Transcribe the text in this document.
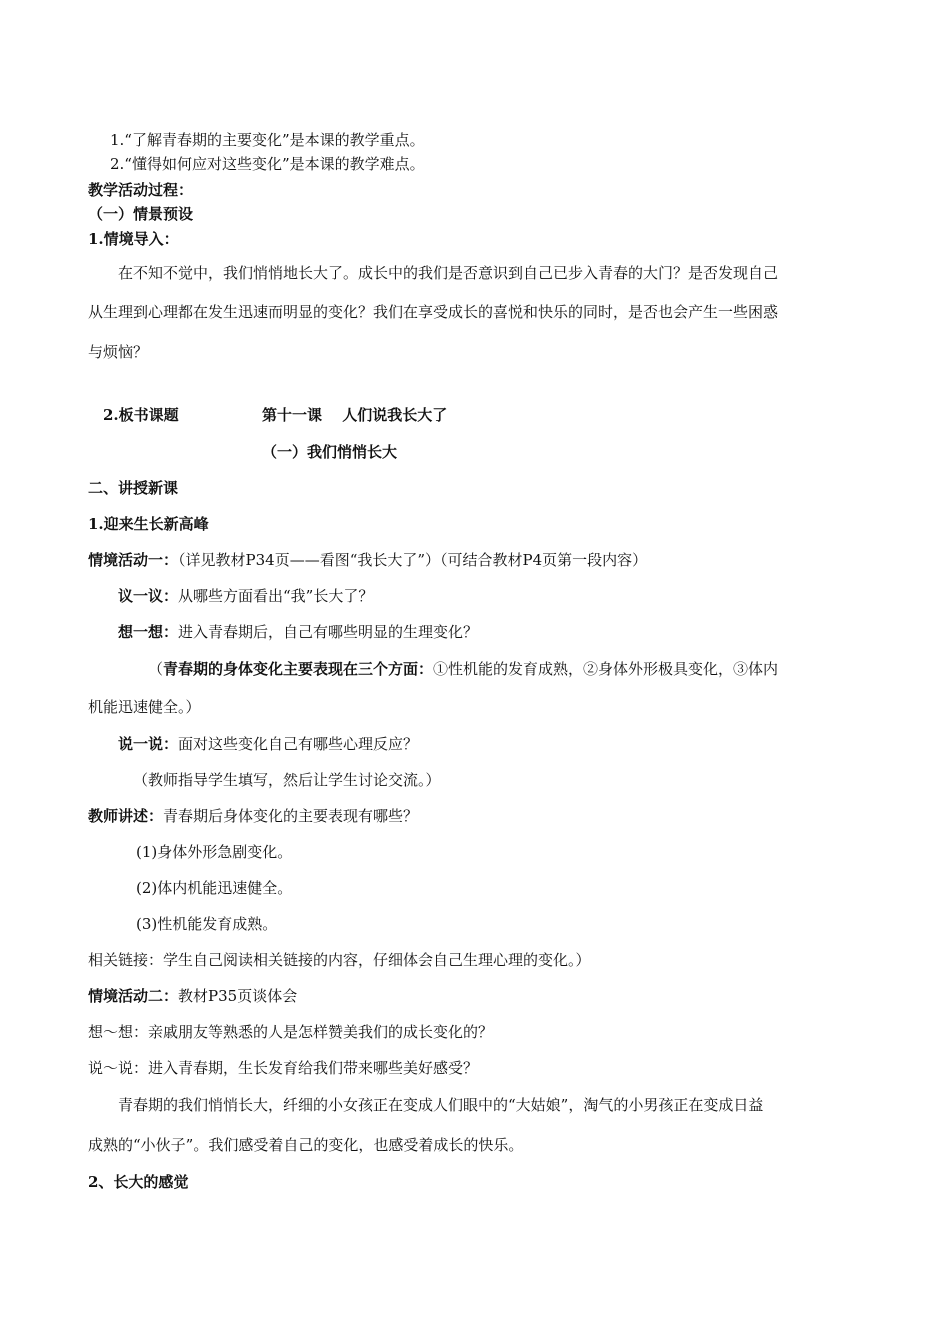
1.“了解青春期的主要变化”是本课的教学重点。
2.“懂得如何应对这些变化”是本课的教学难点。
教学活动过程：
（一）情景预设
1.情境导入：
在不知不觉中，我们悄悄地长大了。成长中的我们是否意识到自己已步入青春的大门？是否发现自己
从生理到心理都在发生迅速而明显的变化？我们在享受成长的喜悦和快乐的同时，是否也会产生一些困惑
与烦恼？
2.板书课题	第十一课　 人们说我长大了
（一）我们悄悄长大
二、讲授新课
1.迎来生长新高峰
情境活动一：（详见教材P34页——看图“我长大了”）（可结合教材P4页第一段内容）
议一议：从哪些方面看出“我”长大了？
想一想：进入青春期后，自己有哪些明显的生理变化？
（青春期的身体变化主要表现在三个方面：①性机能的发育成熟，②身体外形极具变化，③体内
机能迅速健全。）
说一说：面对这些变化自己有哪些心理反应？
（教师指导学生填写，然后让学生讨论交流。）
教师讲述：青春期后身体变化的主要表现有哪些？
(1)身体外形急剧变化。
(2)体内机能迅速健全。
(3)性机能发育成熟。
相关链接：学生自己阅读相关链接的内容，仔细体会自己生理心理的变化。）
情境活动二：教材P35页谈体会
想～想：亲戚朋友等熟悉的人是怎样赞美我们的成长变化的？
说～说：进入青春期，生长发育给我们带来哪些美好感受？
青春期的我们悄悄长大，纤细的小女孩正在变成人们眼中的“大姑娘”，淘气的小男孩正在变成日益
成熟的“小伙子”。我们感受着自己的变化，也感受着成长的快乐。
2、长大的感觉
